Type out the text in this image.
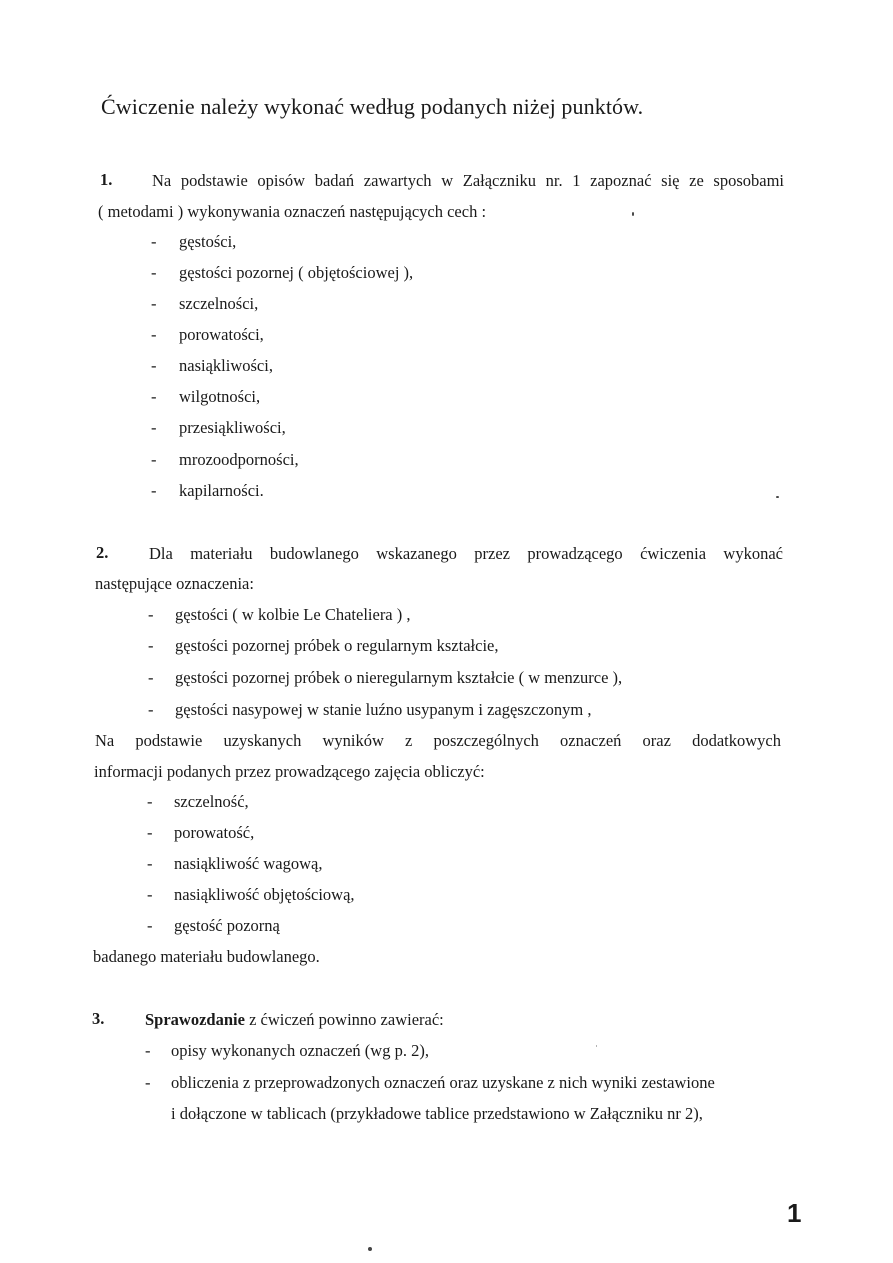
Ćwiczenie należy wykonać według podanych niżej punktów.
1. Na podstawie opisów badań zawartych w Załączniku nr. 1 zapoznać się ze sposobami
( metodami ) wykonywania oznaczeń następujących cech :
- gęstości,
- gęstości pozornej ( objętościowej ),
- szczelności,
- porowatości,
- nasiąkliwości,
- wilgotności,
- przesiąkliwości,
- mrozoodporności,
- kapilarności.
2. Dla materiału budowlanego wskazanego przez prowadzącego ćwiczenia wykonać
następujące oznaczenia:
- gęstości ( w kolbie Le Chateliera ) ,
- gęstości pozornej próbek o regularnym kształcie,
- gęstości pozornej próbek o nieregularnym kształcie ( w menzurce ),
- gęstości nasypowej w stanie luźno usypanym i zagęszczonym ,
Na podstawie uzyskanych wyników z poszczególnych oznaczeń oraz dodatkowych
informacji podanych przez prowadzącego zajęcia obliczyć:
- szczelność,
- porowatość,
- nasiąkliwość wagową,
- nasiąkliwość objętościową,
- gęstość pozorną
badanego materiału budowlanego.
3. Sprawozdanie z ćwiczeń powinno zawierać:
- opisy wykonanych oznaczeń (wg p. 2),
- obliczenia z przeprowadzonych oznaczeń oraz uzyskane z nich wyniki zestawione
i dołączone w tablicach (przykładowe tablice przedstawiono w Załączniku nr 2),
1
